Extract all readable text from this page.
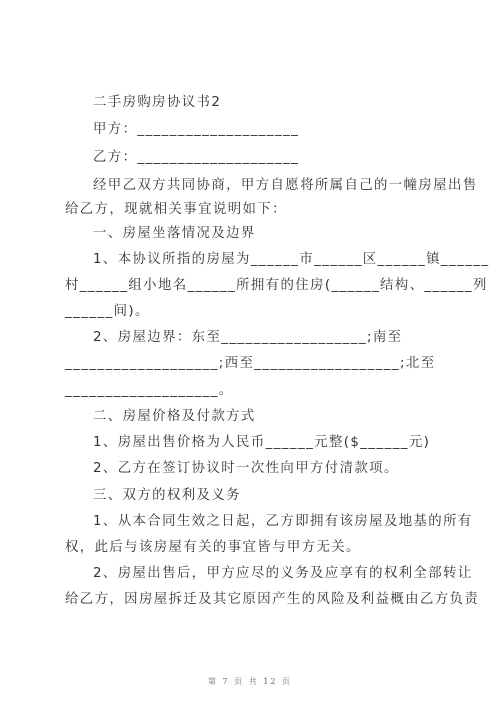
二手房购房协议书2
甲方：____________________
乙方：____________________
经甲乙双方共同协商，甲方自愿将所属自己的一幢房屋出售
给乙方，现就相关事宜说明如下：
一、房屋坐落情况及边界
1、本协议所指的房屋为______市______区______镇______
村______组小地名______所拥有的住房(______结构、______列
______间)。
2、房屋边界：东至__________________;南至
___________________;西至__________________;北至
___________________。
二、房屋价格及付款方式
1、房屋出售价格为人民币______元整($______元)
2、乙方在签订协议时一次性向甲方付清款项。
三、双方的权利及义务
1、从本合同生效之日起，乙方即拥有该房屋及地基的所有
权，此后与该房屋有关的事宜皆与甲方无关。
2、房屋出售后，甲方应尽的义务及应享有的权利全部转让
给乙方，因房屋拆迁及其它原因产生的风险及利益概由乙方负责
第 7 页 共 12 页
